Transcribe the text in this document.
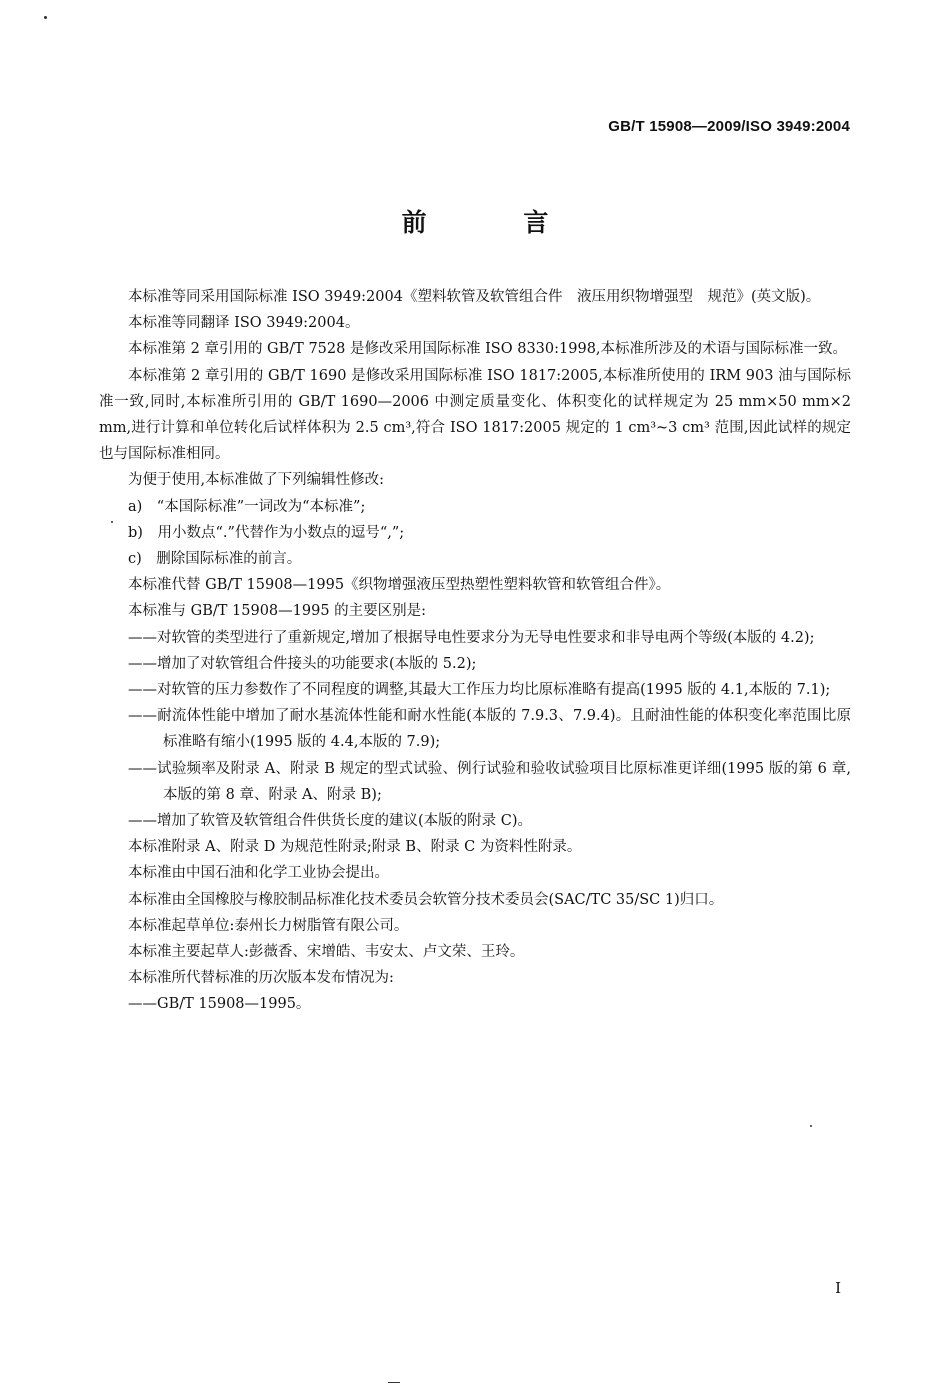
GB/T 15908—2009/ISO 3949:2004
前 言

本标准等同采用国际标准 ISO 3949:2004《塑料软管及软管组合件　液压用织物增强型　规范》(英文版)。

本标准等同翻译 ISO 3949:2004。

本标准第 2 章引用的 GB/T 7528 是修改采用国际标准 ISO 8330:1998,本标准所涉及的术语与国际标准一致。

本标准第 2 章引用的 GB/T 1690 是修改采用国际标准 ISO 1817:2005,本标准所使用的 IRM 903 油与国际标准一致,同时,本标准所引用的 GB/T 1690—2006 中测定质量变化、体积变化的试样规定为 25 mm×50 mm×2 mm,进行计算和单位转化后试样体积为 2.5 cm³,符合 ISO 1817:2005 规定的 1 cm³~3 cm³ 范围,因此试样的规定也与国际标准相同。

为便于使用,本标准做了下列编辑性修改:

a)　“本国际标准”一词改为“本标准”;

b)　用小数点“.”代替作为小数点的逗号“,”;

c)　删除国际标准的前言。

本标准代替 GB/T 15908—1995《织物增强液压型热塑性塑料软管和软管组合件》。

本标准与 GB/T 15908—1995 的主要区别是:

——对软管的类型进行了重新规定,增加了根据导电性要求分为无导电性要求和非导电两个等级(本版的 4.2);

——增加了对软管组合件接头的功能要求(本版的 5.2);

——对软管的压力参数作了不同程度的调整,其最大工作压力均比原标准略有提高(1995 版的 4.1,本版的 7.1);

——耐流体性能中增加了耐水基流体性能和耐水性能(本版的 7.9.3、7.9.4)。且耐油性能的体积变化率范围比原标准略有缩小(1995 版的 4.4,本版的 7.9);

——试验频率及附录 A、附录 B 规定的型式试验、例行试验和验收试验项目比原标准更详细(1995 版的第 6 章,本版的第 8 章、附录 A、附录 B);

——增加了软管及软管组合件供货长度的建议(本版的附录 C)。

本标准附录 A、附录 D 为规范性附录;附录 B、附录 C 为资料性附录。

本标准由中国石油和化学工业协会提出。

本标准由全国橡胶与橡胶制品标准化技术委员会软管分技术委员会(SAC/TC 35/SC 1)归口。

本标准起草单位:泰州长力树脂管有限公司。

本标准主要起草人:彭薇香、宋增皓、韦安太、卢文荣、王玲。

本标准所代替标准的历次版本发布情况为:

——GB/T 15908—1995。

I
